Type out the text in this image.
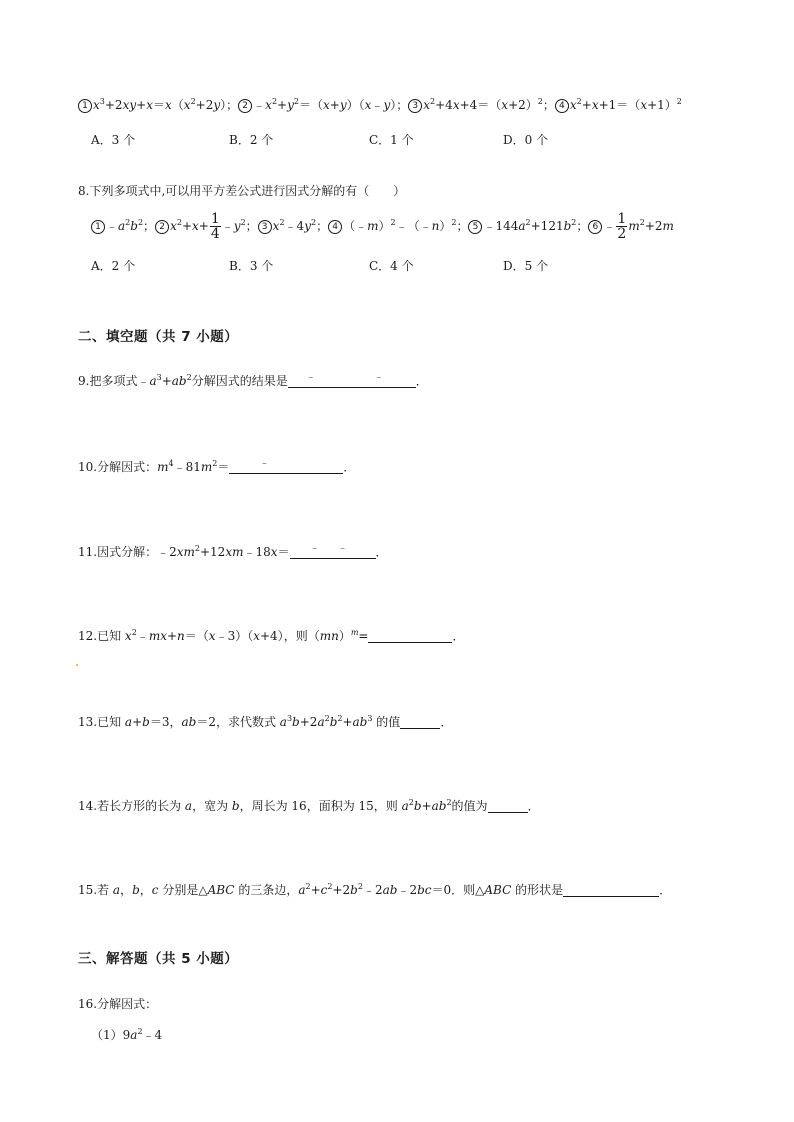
1 $x^3+2xy+x=x(x^2+2y)$； 2 $﹣x^2+y^2=(x+y)(x﹣y)$； 3 $x^2+4x+4=(x+2)^2$； 4 $x^2+x+1=(x+1)^2$
A．3 个	B．2 个	C．1 个	D．0 个
8.下列多项式中,可以用平方差公式进行因式分解的有（　　）
1 $﹣a^2b^2$； 2 $x^2+x+ \frac{1}{4}$ $﹣y^2$； 3 $x^2﹣4y^2$； 4 （﹣m）$^2$﹣（﹣n）$^2$； 5 $﹣144a^2+121b^2$； 6 ﹣ $\frac{1}{2} m^2+2m$
A．2 个	B．3 个	C．4 个	D．5 个
二、填空题（共 7 小题）
9.把多项式$﹣a^3+ab^2$分解因式的结果是 ﹣	﹣	．
10.分解因式：$m^4﹣81m^2=$	﹣	．
11.因式分解：$﹣2xm^2+12xm﹣18x=$ ﹣ ﹣ ．
12.已知 $x^2﹣mx+n=(x﹣3)(x+4)$，则（mn）$^m$=	．
13.已知 a+b＝3，ab＝2，求代数式 $a^3b+2a^2b^2+ab^3$ 的值	．
14.若长方形的长为 a，宽为 b，周长为 16，面积为 15，则 $a^2b+ab^2$的值为	．
15.若 a，b，c 分别是△ABC 的三条边，$a^2+c^2+2b^2﹣2ab﹣2bc=0$．则△ABC 的形状是	．
三、解答题（共 5 小题）
16.分解因式：
$(1)9a^2﹣4$
